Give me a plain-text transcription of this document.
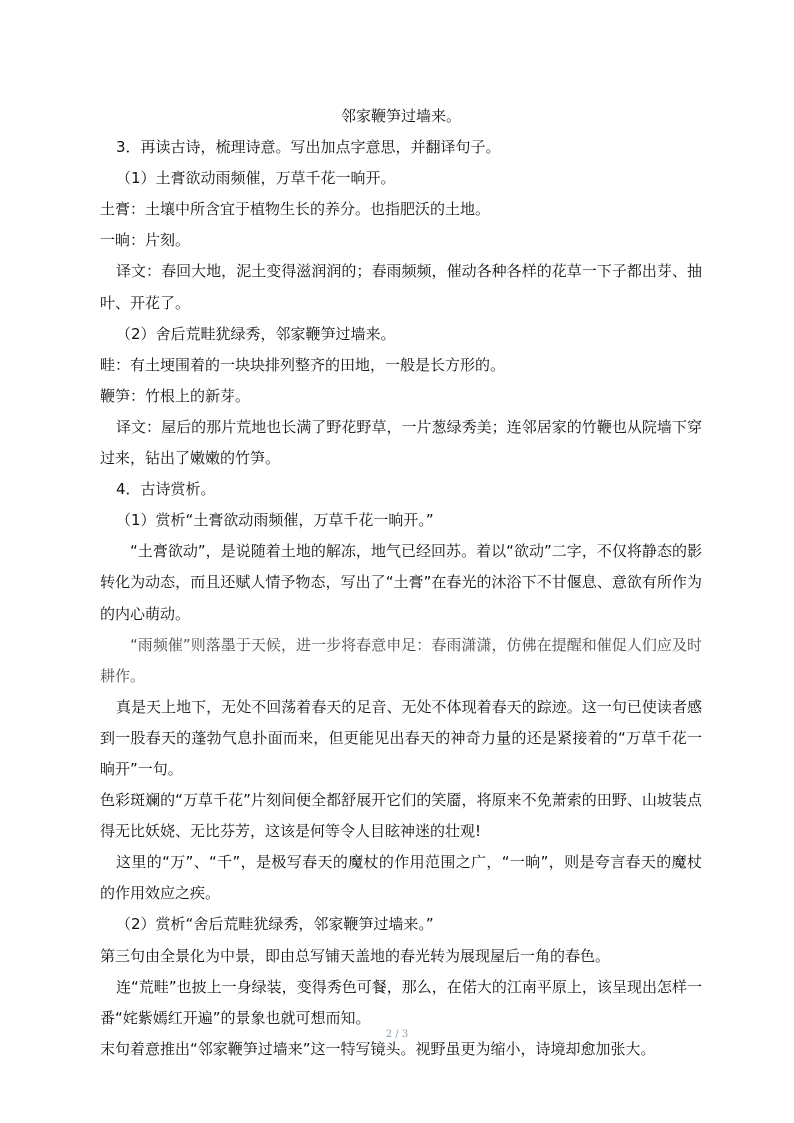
邻家鞭笋过墙来。

3．再读古诗，梳理诗意。写出加点字意思，并翻译句子。

（1）土膏欲动雨频催，万草千花一晌开。

土膏：土壤中所含宜于植物生长的养分。也指肥沃的土地。

一晌：片刻。

译文：春回大地，泥土变得滋润润的；春雨频频，催动各种各样的花草一下子都出芽、抽叶、开花了。

（2）舍后荒畦犹绿秀，邻家鞭笋过墙来。

畦：有土埂围着的一块块排列整齐的田地，一般是长方形的。

鞭笋：竹根上的新芽。

译文：屋后的那片荒地也长满了野花野草，一片葱绿秀美；连邻居家的竹鞭也从院墙下穿过来，钻出了嫩嫩的竹笋。

4．古诗赏析。

（1）赏析“土膏欲动雨频催，万草千花一晌开。”

“土膏欲动”，是说随着土地的解冻，地气已经回苏。着以“欲动”二字，不仅将静态的影转化为动态，而且还赋人情予物态，写出了“土膏”在春光的沐浴下不甘偃息、意欲有所作为的内心萌动。

“雨频催”则落墨于天候，进一步将春意申足：春雨潇潇，仿佛在提醒和催促人们应及时耕作。

真是天上地下，无处不回荡着春天的足音、无处不体现着春天的踪迹。这一句已使读者感到一股春天的蓬勃气息扑面而来，但更能见出春天的神奇力量的还是紧接着的“万草千花一晌开”一句。

色彩斑斓的“万草千花”片刻间便全都舒展开它们的笑靥，将原来不免萧索的田野、山坡装点得无比妖娆、无比芬芳，这该是何等令人目眩神迷的壮观!

这里的“万”、“千”，是极写春天的魔杖的作用范围之广，“一晌”，则是夸言春天的魔杖的作用效应之疾。

（2）赏析“舍后荒畦犹绿秀，邻家鞭笋过墙来。”

第三句由全景化为中景，即由总写铺天盖地的春光转为展现屋后一角的春色。

连“荒畦”也披上一身绿装，变得秀色可餐，那么，在偌大的江南平原上，该呈现出怎样一番“姹紫嫣红开遍”的景象也就可想而知。

末句着意推出“邻家鞭笋过墙来”这一特写镜头。视野虽更为缩小，诗境却愈加张大。

2 / 3
